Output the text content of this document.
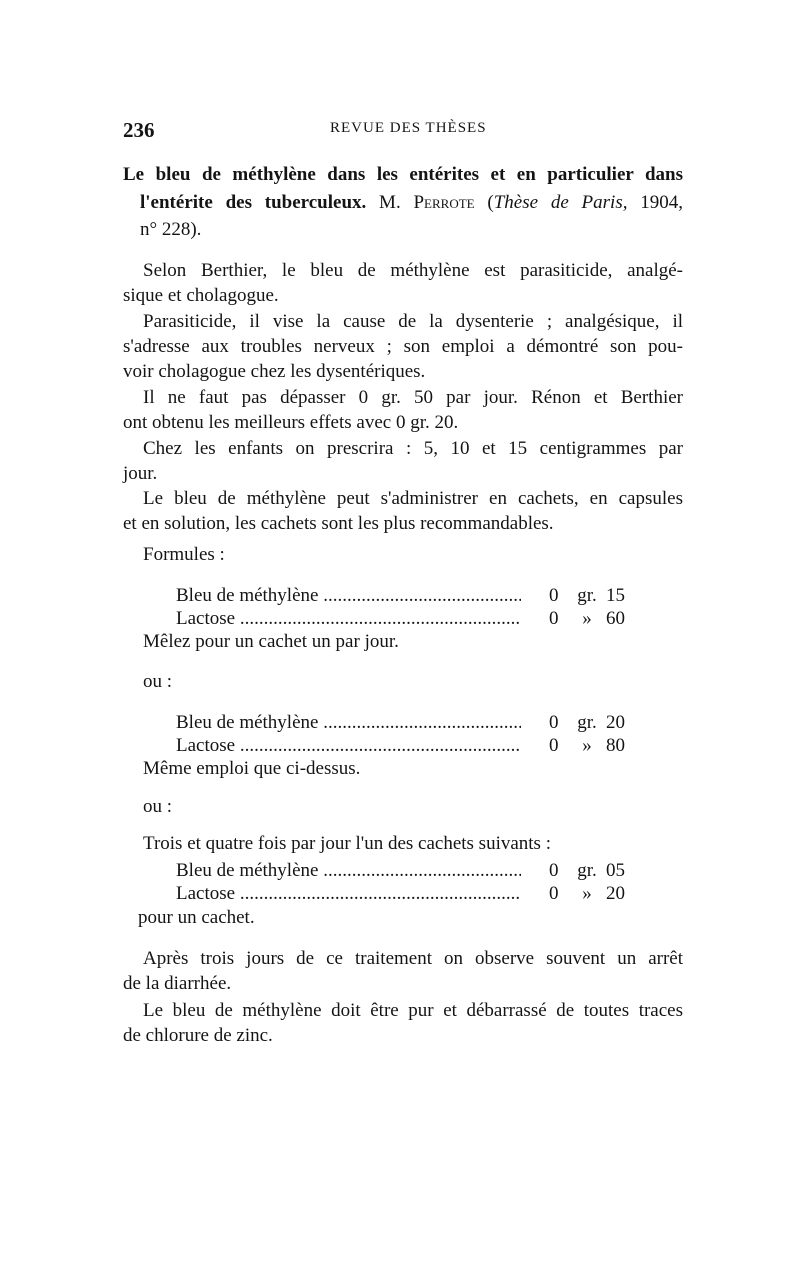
236	REVUE DES THÈSES
Le bleu de méthylène dans les entérites et en particulier dans
l'entérite des tuberculeux. M. Perrote (Thèse de Paris, 1904,
n° 228).
Selon Berthier, le bleu de méthylène est parasiticide, analgé-
sique et cholagogue.
Parasiticide, il vise la cause de la dysenterie ; analgésique, il
s'adresse aux troubles nerveux ; son emploi a démontré son pou-
voir cholagogue chez les dysentériques.
Il ne faut pas dépasser 0 gr. 50 par jour. Rénon et Berthier
ont obtenu les meilleurs effets avec 0 gr. 20.
Chez les enfants on prescrira : 5, 10 et 15 centigrammes par
jour.
Le bleu de méthylène peut s'administrer en cachets, en capsules
et en solution, les cachets sont les plus recommandables.
Formules :
Bleu de méthylène .....	0 gr. 15
Lactose .....	0	» 60
Mêlez pour un cachet un par jour.
ou :
Bleu de méthylène .....	0 gr. 20
Lactose .....	0	» 80
Même emploi que ci-dessus.
ou :
Trois et quatre fois par jour l'un des cachets suivants :
Bleu de méthylène .....	0 gr. 05
Lactose .....	0	» 20
pour un cachet.
Après trois jours de ce traitement on observe souvent un arrêt
de la diarrhée.
Le bleu de méthylène doit être pur et débarrassé de toutes traces
de chlorure de zinc.
